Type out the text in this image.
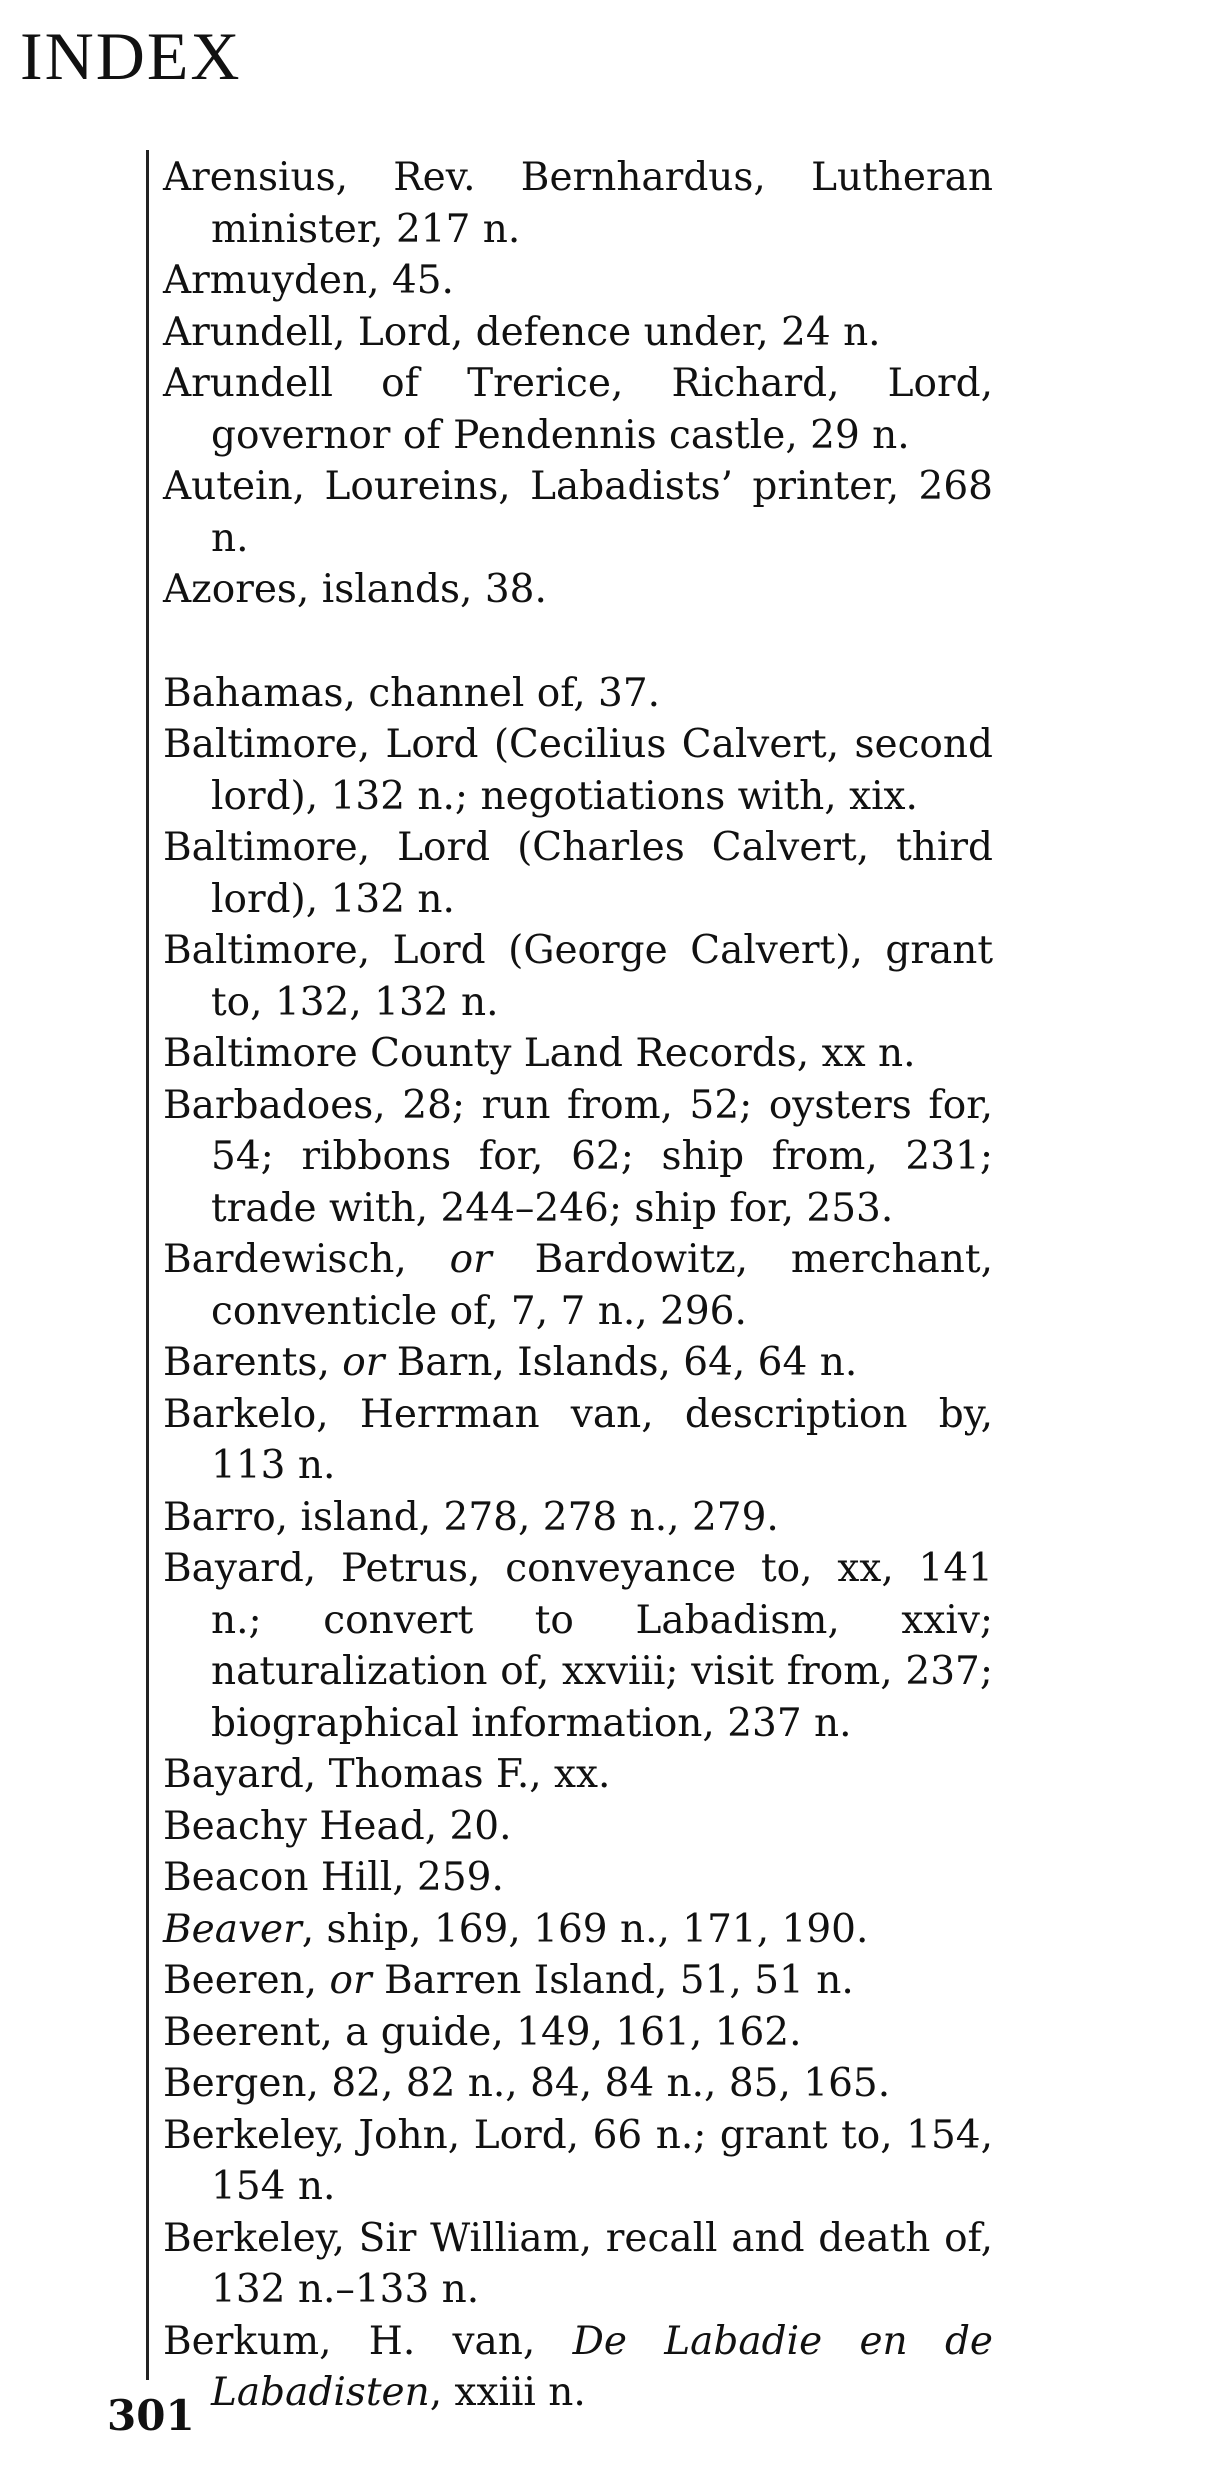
INDEX
Arensius, Rev. Bernhardus, Lutheran minister, 217 n.
Armuyden, 45.
Arundell, Lord, defence under, 24 n.
Arundell of Trerice, Richard, Lord, governor of Pendennis castle, 29 n.
Autein, Loureins, Labadists’ printer, 268 n.
Azores, islands, 38.
Bahamas, channel of, 37.
Baltimore, Lord (Cecilius Calvert, second lord), 132 n.; negotiations with, xix.
Baltimore, Lord (Charles Calvert, third lord), 132 n.
Baltimore, Lord (George Calvert), grant to, 132, 132 n.
Baltimore County Land Records, xx n.
Barbadoes, 28; run from, 52; oysters for, 54; ribbons for, 62; ship from, 231; trade with, 244–246; ship for, 253.
Bardewisch, or Bardowitz, merchant, conventicle of, 7, 7 n., 296.
Barents, or Barn, Islands, 64, 64 n.
Barkelo, Herrman van, description by, 113 n.
Barro, island, 278, 278 n., 279.
Bayard, Petrus, conveyance to, xx, 141 n.; convert to Labadism, xxiv; naturalization of, xxviii; visit from, 237; biographical information, 237 n.
Bayard, Thomas F., xx.
Beachy Head, 20.
Beacon Hill, 259.
Beaver, ship, 169, 169 n., 171, 190.
Beeren, or Barren Island, 51, 51 n.
Beerent, a guide, 149, 161, 162.
Bergen, 82, 82 n., 84, 84 n., 85, 165.
Berkeley, John, Lord, 66 n.; grant to, 154, 154 n.
Berkeley, Sir William, recall and death of, 132 n.–133 n.
Berkum, H. van, De Labadie en de Labadisten, xxiii n.
301
